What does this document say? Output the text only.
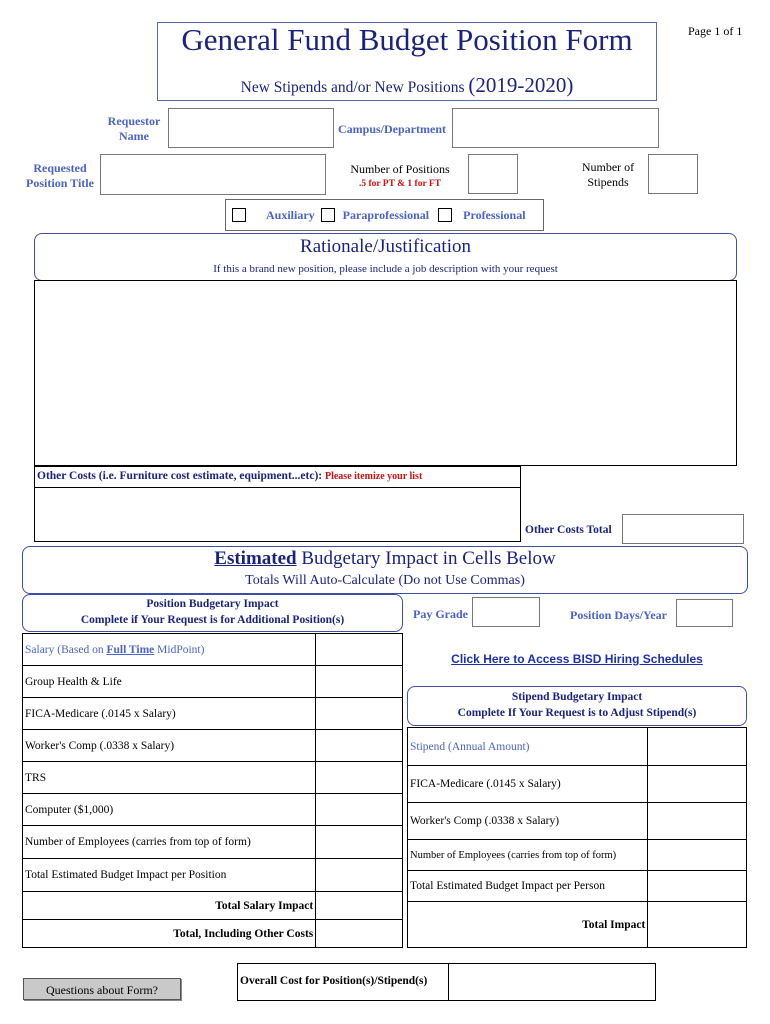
General Fund Budget Position Form
New Stipends and/or New Positions (2019-2020)
Page 1 of 1
Requestor
Name	Campus/Department
Requested
Position Title
Number of Positions
.5 for PT & 1 for FT
Number of
Stipends
Auxiliary Paraprofessional	Professional
Rationale/Justification
If this a brand new position, please include a job description with your request
Other Costs (i.e. Furniture cost estimate, equipment...etc): Please itemize your list
Other Costs Total
Estimated Budgetary Impact in Cells Below
Totals Will Auto-Calculate (Do not Use Commas)
Position Budgetary Impact
Complete if Your Request is for Additional Position(s)
Salary (Based on Full Time MidPoint)	
Group Health & Life	
FICA-Medicare (.0145 x Salary)	
Worker's Comp (.0338 x Salary)	
TRS	
Computer ($1,000)	
Number of Employees (carries from top of form)	
Total Estimated Budget Impact per Position	
Total Salary Impact	
Total, Including Other Costs	
Pay Grade	Position Days/Year
Click Here to Access BISD Hiring Schedules
Stipend Budgetary Impact
Complete If Your Request is to Adjust Stipend(s)
Stipend (Annual Amount)	
FICA-Medicare (.0145 x Salary)	
Worker's Comp (.0338 x Salary)	
Number of Employees (carries from top of form)	
Total Estimated Budget Impact per Person	
Total Impact	
Questions about Form?
Overall Cost for Position(s)/Stipend(s)
